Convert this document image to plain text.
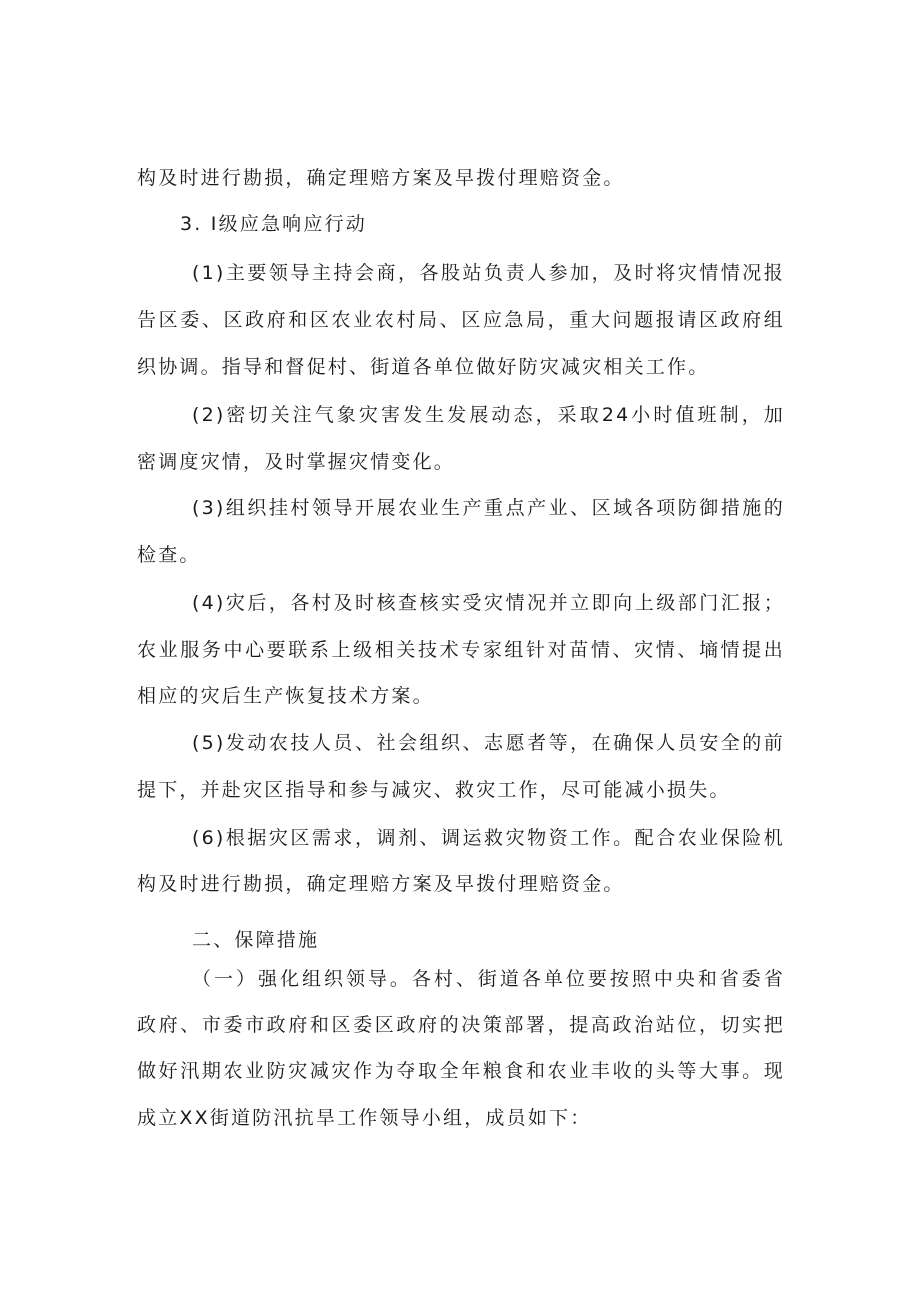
构及时进行勘损，确定理赔方案及早拨付理赔资金。
3. Ⅰ级应急响应行动
(1)主要领导主持会商，各股站负责人参加，及时将灾情情况报
告区委、区政府和区农业农村局、区应急局，重大问题报请区政府组
织协调。指导和督促村、街道各单位做好防灾减灾相关工作。
(2)密切关注气象灾害发生发展动态，采取24小时值班制，加
密调度灾情，及时掌握灾情变化。
(3)组织挂村领导开展农业生产重点产业、区域各项防御措施的
检查。
(4)灾后，各村及时核查核实受灾情况并立即向上级部门汇报；
农业服务中心要联系上级相关技术专家组针对苗情、灾情、墒情提出
相应的灾后生产恢复技术方案。
(5)发动农技人员、社会组织、志愿者等，在确保人员安全的前
提下，并赴灾区指导和参与减灾、救灾工作，尽可能减小损失。
(6)根据灾区需求，调剂、调运救灾物资工作。配合农业保险机
构及时进行勘损，确定理赔方案及早拨付理赔资金。
二、保障措施
（一）强化组织领导。各村、街道各单位要按照中央和省委省
政府、市委市政府和区委区政府的决策部署，提高政治站位，切实把
做好汛期农业防灾减灾作为夺取全年粮食和农业丰收的头等大事。现
成立XX街道防汛抗旱工作领导小组，成员如下：
